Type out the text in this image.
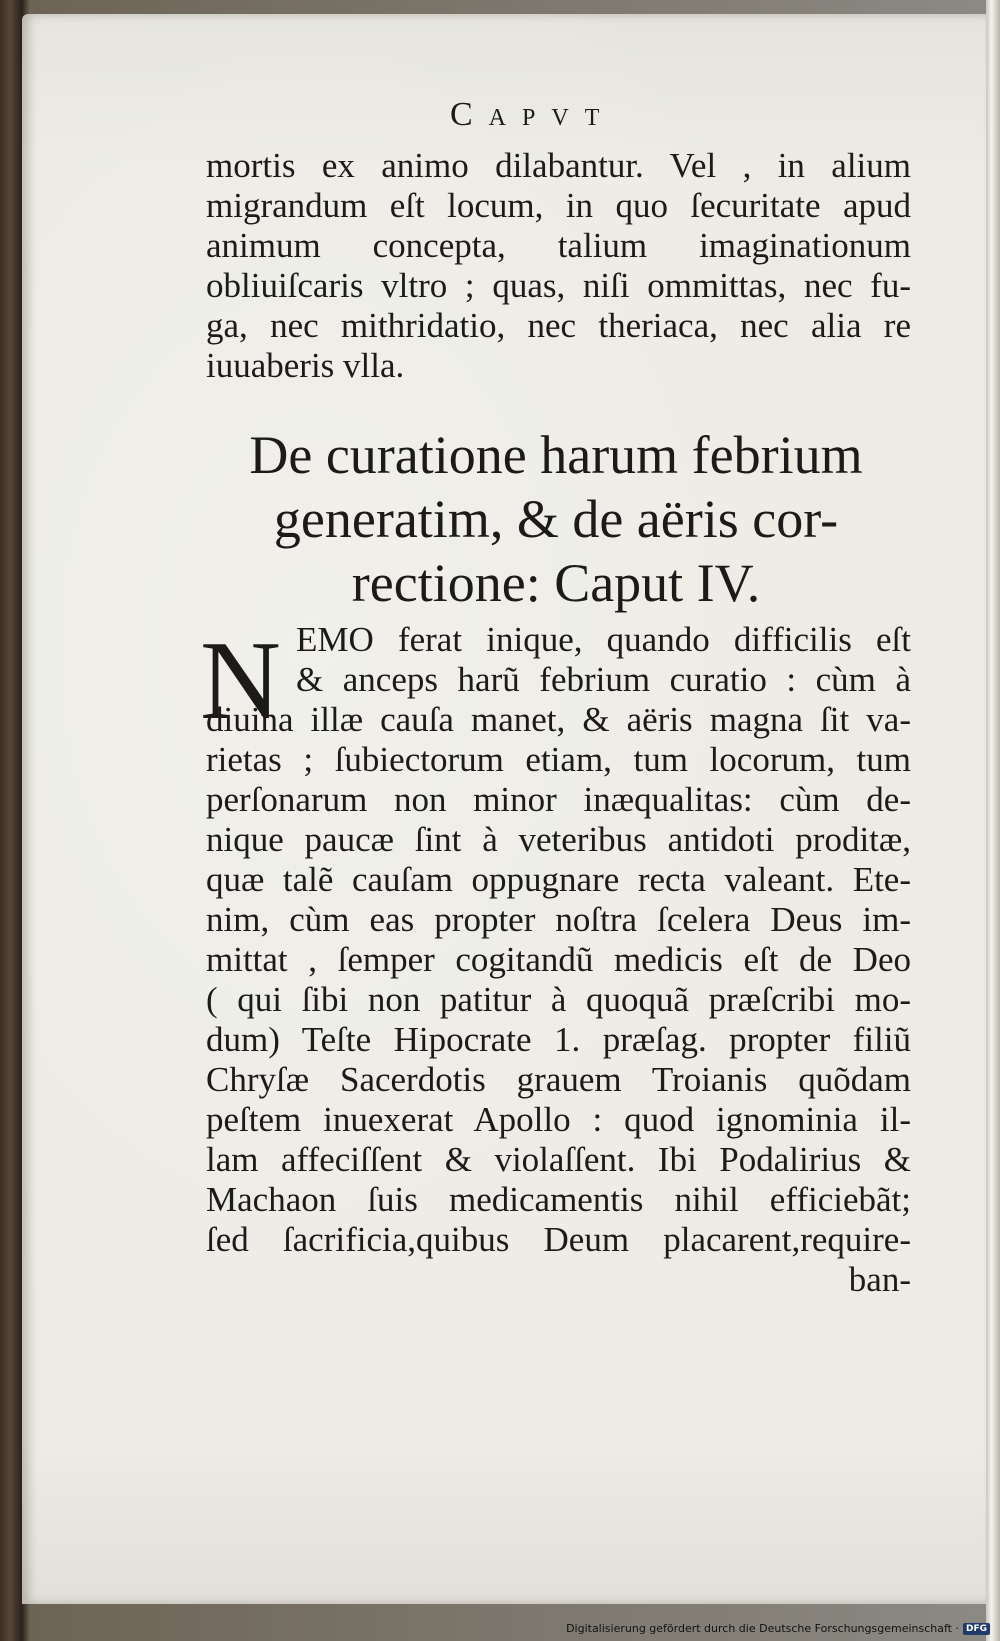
Capvt
mortis ex animo dilabantur. Vel , in alium
migrandum eſt locum, in quo ſecuritate apud
animum concepta, talium imaginationum
obliuiſcaris vltro ; quas, niſi ommittas, nec fu-
ga, nec mithridatio, nec theriaca, nec alia re
iuuaberis vlla.
De curatione harum febrium
generatim, & de aëris cor-
rectione: Caput IV.
N EMO ferat inique, quando difficilis eſt
& anceps harũ febrium curatio : cùm à
diuina illæ cauſa manet, & aëris magna ſit va-
rietas ; ſubiectorum etiam, tum locorum, tum
perſonarum non minor inæqualitas: cùm de-
nique paucæ ſint à veteribus antidoti proditæ,
quæ talẽ cauſam oppugnare recta valeant. Ete-
nim, cùm eas propter noſtra ſcelera Deus im-
mittat , ſemper cogitandũ medicis eſt de Deo
( qui ſibi non patitur à quoquã præſcribi mo-
dum) Teſte Hipocrate 1. præſag. propter filiũ
Chryſæ Sacerdotis grauem Troianis quõdam
peſtem inuexerat Apollo : quod ignominia il-
lam affeciſſent & violaſſent. Ibi Podalirius &
Machaon ſuis medicamentis nihil efficiebãt;
ſed ſacrificia,quibus Deum placarent,require-
ban-
Digitalisierung gefördert durch die Deutsche Forschungsgemeinschaft · DFG
